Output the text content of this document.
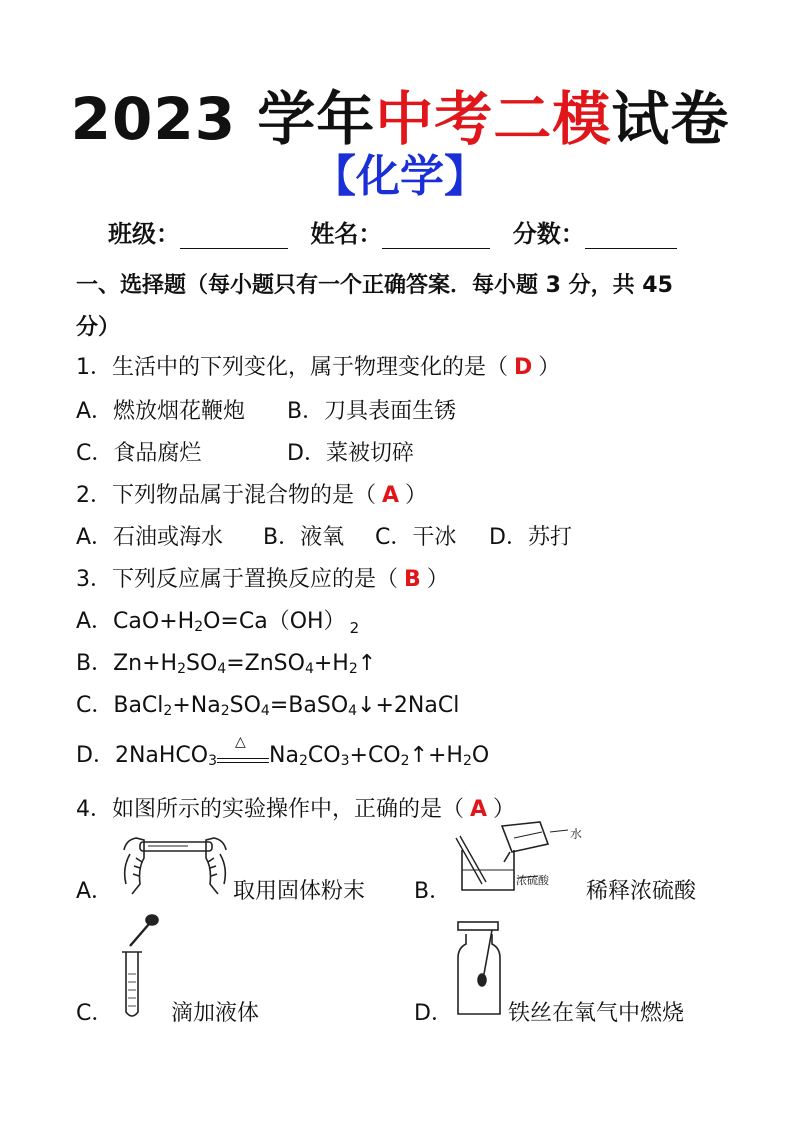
2023 学年中考二模试卷
【化学】
班级：	姓名：	分数：
一、选择题（每小题只有一个正确答案．每小题 3 分，共 45
分）
1．生活中的下列变化，属于物理变化的是（ D ）
A．燃放烟花鞭炮 B．刀具表面生锈
C．食品腐烂	D．菜被切碎
2．下列物品属于混合物的是（ A ）
A．石油或海水 B．液氧 C．干冰 D．苏打
3．下列反应属于置换反应的是（ B ）
A．$CaO+H_2O=Ca(OH)$ $_2$
B．$Zn+H_2SO_4=ZnSO_4+H_2↑$
C．$BaCl_2+Na_2SO_4=BaSO_4↓+2NaCl$
D．2NaHCO$_3$
△
$Na_2CO_3+CO_2↑+H_2O$
4．如图所示的实验操作中，正确的是（ A ）
A．	取用固体粉末 B．	稀释浓硫酸
C．	滴加液体	D．	铁丝在氧气中燃烧
水
浓硫酸
